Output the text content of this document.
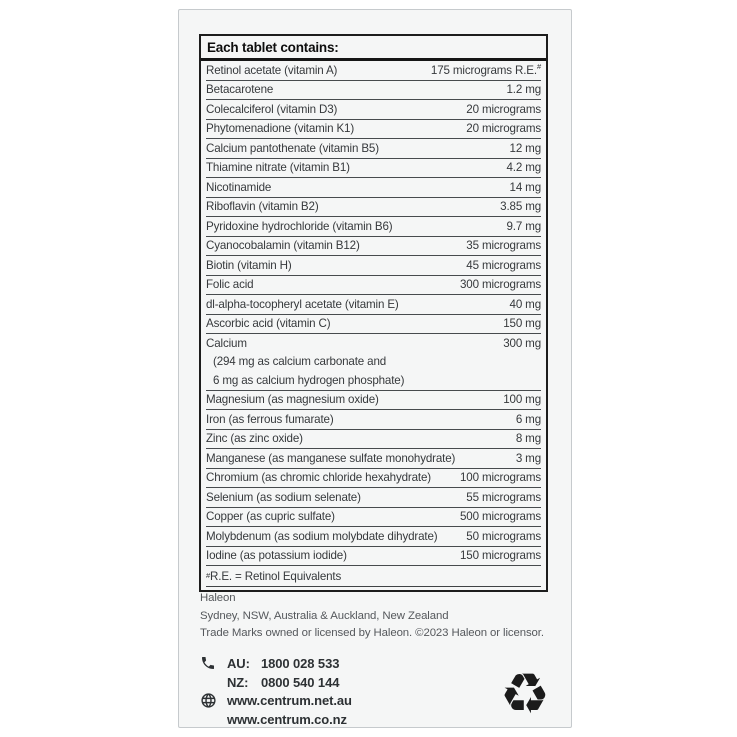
Each tablet contains:
Retinol acetate (vitamin A)	175 micrograms R.E.#
Betacarotene	1.2 mg
Colecalciferol (vitamin D3)	20 micrograms
Phytomenadione (vitamin K1)	20 micrograms
Calcium pantothenate (vitamin B5)	12 mg
Thiamine nitrate (vitamin B1)	4.2 mg
Nicotinamide	14 mg
Riboflavin (vitamin B2)	3.85 mg
Pyridoxine hydrochloride (vitamin B6)	9.7 mg
Cyanocobalamin (vitamin B12)	35 micrograms
Biotin (vitamin H)	45 micrograms
Folic acid	300 micrograms
dl-alpha-tocopheryl acetate (vitamin E)	40 mg
Ascorbic acid (vitamin C)	150 mg
Calcium	300 mg
(294 mg as calcium carbonate and
6 mg as calcium hydrogen phosphate)
Magnesium (as magnesium oxide)	100 mg
Iron (as ferrous fumarate)	6 mg
Zinc (as zinc oxide)	8 mg
Manganese (as manganese sulfate monohydrate)	3 mg
Chromium (as chromic chloride hexahydrate) 100 micrograms
Selenium (as sodium selenate)	55 micrograms
Copper (as cupric sulfate)	500 micrograms
Molybdenum (as sodium molybdate dihydrate) 50 micrograms
Iodine (as potassium iodide)	150 micrograms
# R.E. = Retinol Equivalents
Haleon
Sydney, NSW, Australia & Auckland, New Zealand
Trade Marks owned or licensed by Haleon. ©2023 Haleon or licensor.
AU: 1800 028 533
NZ: 0800 540 144
www.centrum.net.au
www.centrum.co.nz	♻
